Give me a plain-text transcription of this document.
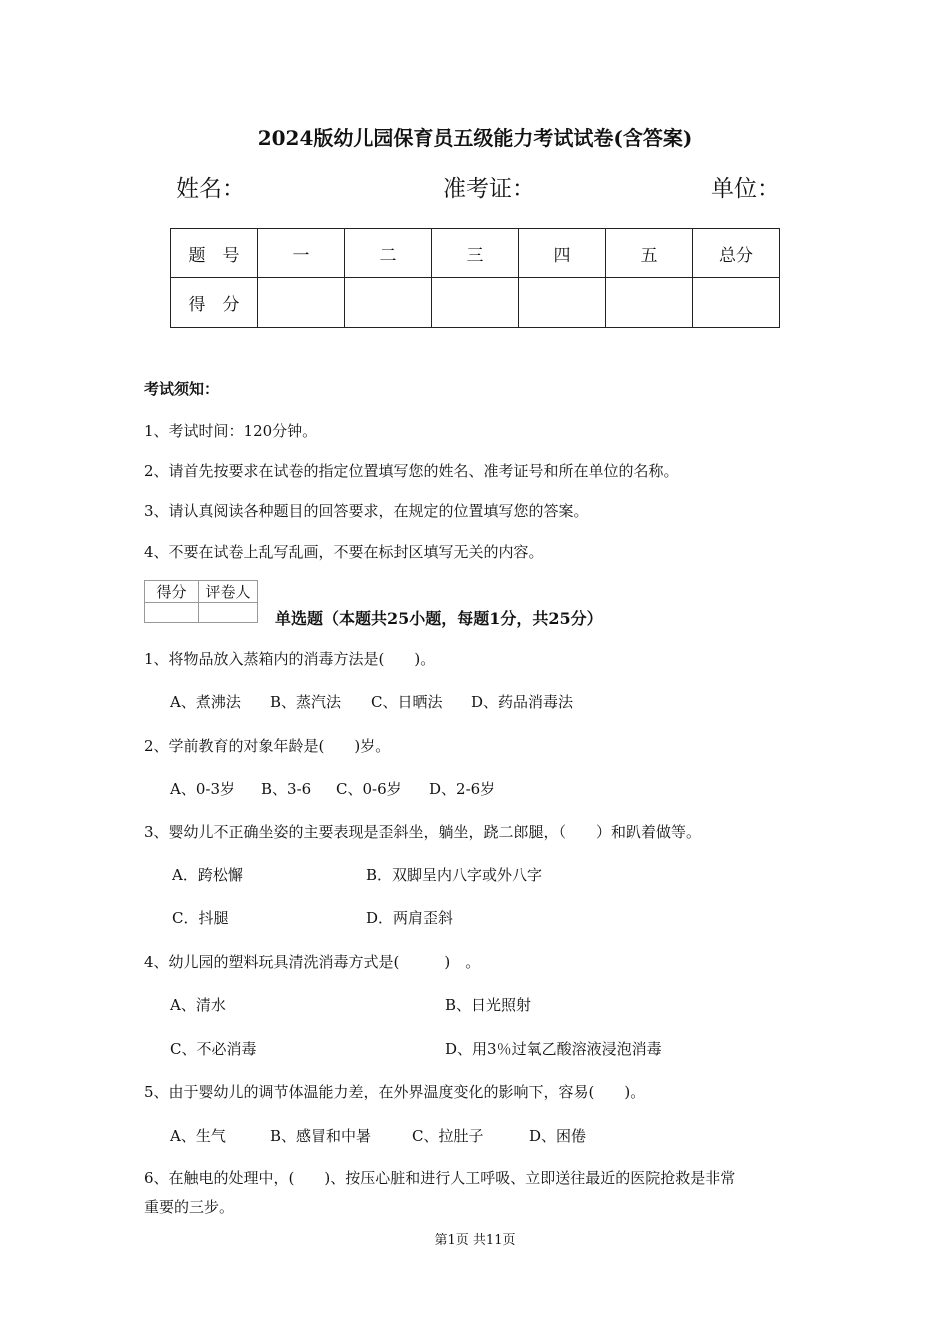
2024版幼儿园保育员五级能力考试试卷(含答案)
姓名：	准考证：	单位：
题　号	一	二	三	四	五	总分
得　分						
考试须知：
1、考试时间：120分钟。
2、请首先按要求在试卷的指定位置填写您的姓名、准考证号和所在单位的名称。
3、请认真阅读各种题目的回答要求，在规定的位置填写您的答案。
4、不要在试卷上乱写乱画，不要在标封区填写无关的内容。
得分	评卷人

单选题（本题共25小题，每题1分，共25分）
1、将物品放入蒸箱内的消毒方法是(　　)。
A、煮沸法 B、蒸汽法 C、日晒法 D、药品消毒法
2、学前教育的对象年龄是(　　)岁。
A、0-3岁 B、3-6 C、0-6岁 D、2-6岁
3、婴幼儿不正确坐姿的主要表现是歪斜坐，躺坐，跷二郎腿，（　　）和趴着做等。
A．跨松懈	B．双脚呈内八字或外八字
C．抖腿	D．两肩歪斜
4、幼儿园的塑料玩具清洗消毒方式是(　　　)　。
A、清水	B、日光照射
C、不必消毒	D、用3％过氧乙酸溶液浸泡消毒
5、由于婴幼儿的调节体温能力差，在外界温度变化的影响下，容易(　　)。
A、生气	B、感冒和中暑	C、拉肚子	D、困倦
6、在触电的处理中，(　　)、按压心脏和进行人工呼吸、立即送往最近的医院抢救是非常
重要的三步。
第1页 共11页
